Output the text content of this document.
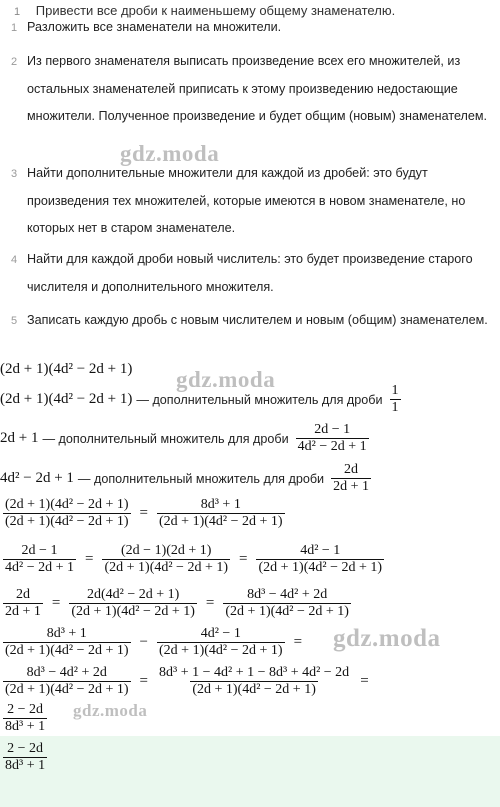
1 Привести все дроби к наименьшему общему знаменателю.
1 Разложить все знаменатели на множители.
2 Из первого знаменателя выписать произведение всех его множителей, из остальных знаменателей приписать к этому произведению недостающие множители. Полученное произведение и будет общим (новым) знаменателем.
3 Найти дополнительные множители для каждой из дробей: это будут произведения тех множителей, которые имеются в новом знаменателе, но которых нет в старом знаменателе.
4 Найти для каждой дроби новый числитель: это будет произведение старого числителя и дополнительного множителя.
5 Записать каждую дробь с новым числителем и новым (общим) знаменателем.
(2d + 1)(4d² − 2d + 1)
(2d + 1)(4d² − 2d + 1) — дополнительный множитель для дроби $\frac{1}{1}$
2d + 1 — дополнительный множитель для дроби $\frac{2d - 1}{\text{4d² − 2d + 1}}$
4d² − 2d + 1 — дополнительный множитель для дроби $\frac{2d}{2d + 1}$
$\frac{\text{(2d + 1)(4d² − 2d + 1)}}{\text{(2d + 1)(4d² − 2d + 1)}} = \frac{\text{8d³ + 1}}{\text{(2d + 1)(4d² − 2d + 1)}}$
$\frac{2d - 1}{\text{4d² − 2d + 1}} = \frac{(2d - 1)(2d + 1)}{\text{(2d + 1)(4d² − 2d + 1)}} = \frac{\text{4d² − 1}}{\text{(2d + 1)(4d² − 2d + 1)}}$
$\frac{2d}{2d + 1} = \frac{\text{2d(4d² − 2d + 1)}}{\text{(2d + 1)(4d² − 2d + 1)}} = \frac{\text{8d³ − 4d² + 2d}}{\text{(2d + 1)(4d² − 2d + 1)}}$
$\frac{\text{8d³ + 1}}{\text{(2d + 1)(4d² − 2d + 1)}} - \frac{\text{4d² − 1}}{\text{(2d + 1)(4d² − 2d + 1)}}$ =
$\frac{\text{8d³ − 4d² + 2d}}{\text{(2d + 1)(4d² − 2d + 1)}} = \frac{\text{8d³ + 1 − 4d² + 1 − 8d³ + 4d² − 2d}}{\text{(2d + 1)(4d² − 2d + 1)}}$ =
$\frac{2 - 2d}{\text{8d³ + 1}}$
$\frac{2 - 2d}{\text{8d³ + 1}}$
gdz.moda
gdz.moda
gdz.moda
gdz.moda
